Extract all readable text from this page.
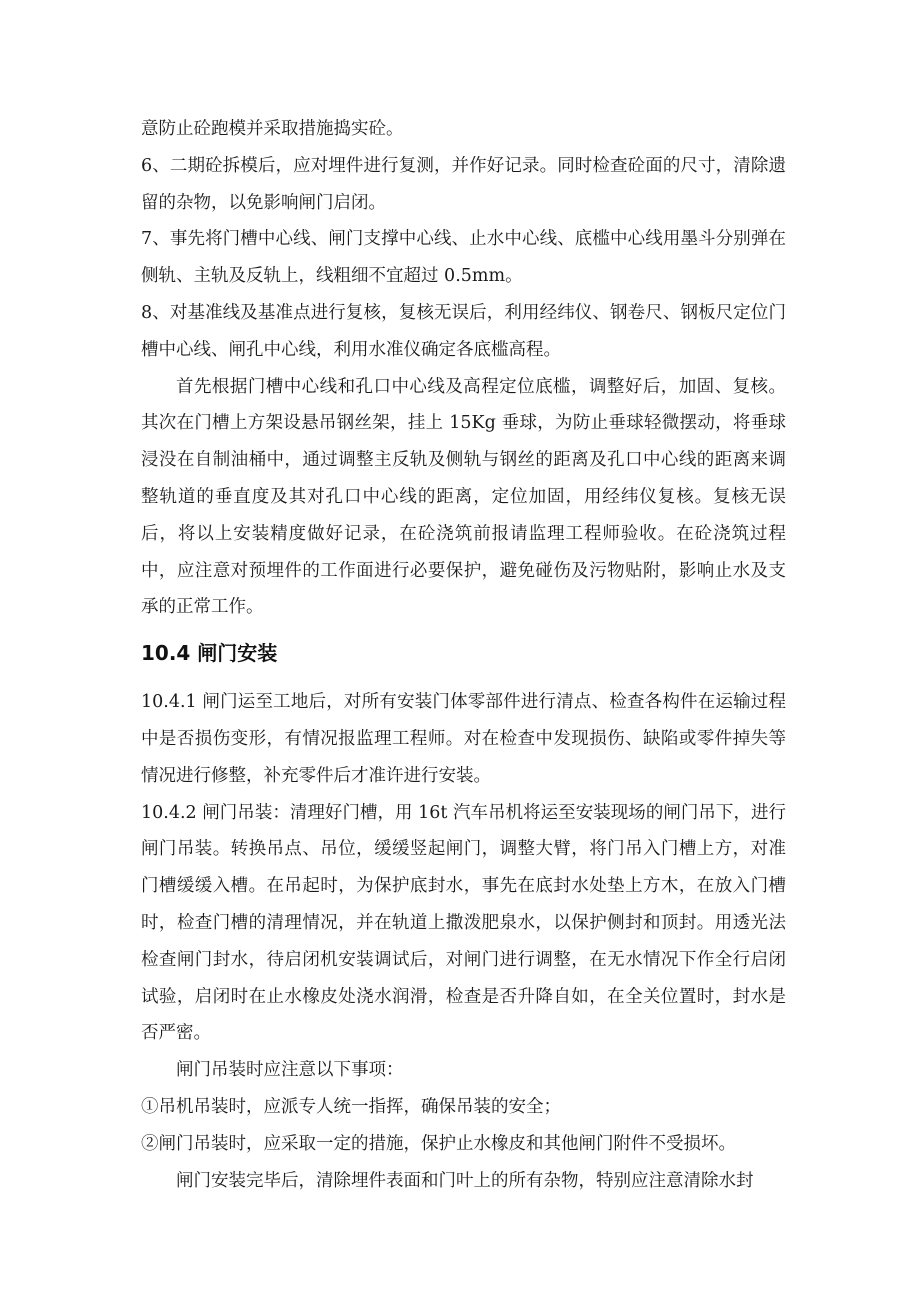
意防止砼跑模并采取措施捣实砼。

6、二期砼拆模后，应对埋件进行复测，并作好记录。同时检查砼面的尺寸，清除遗留的杂物，以免影响闸门启闭。

7、事先将门槽中心线、闸门支撑中心线、止水中心线、底槛中心线用墨斗分别弹在侧轨、主轨及反轨上，线粗细不宜超过 0.5mm。

8、对基准线及基准点进行复核，复核无误后，利用经纬仪、钢卷尺、钢板尺定位门槽中心线、闸孔中心线，利用水准仪确定各底槛高程。

首先根据门槽中心线和孔口中心线及高程定位底槛，调整好后，加固、复核。其次在门槽上方架设悬吊钢丝架，挂上 15Kg 垂球，为防止垂球轻微摆动，将垂球浸没在自制油桶中，通过调整主反轨及侧轨与钢丝的距离及孔口中心线的距离来调整轨道的垂直度及其对孔口中心线的距离，定位加固，用经纬仪复核。复核无误后，将以上安装精度做好记录，在砼浇筑前报请监理工程师验收。在砼浇筑过程中，应注意对预埋件的工作面进行必要保护，避免碰伤及污物贴附，影响止水及支承的正常工作。

10.4 闸门安装

10.4.1 闸门运至工地后，对所有安装门体零部件进行清点、检查各构件在运输过程中是否损伤变形，有情况报监理工程师。对在检查中发现损伤、缺陷或零件掉失等情况进行修整，补充零件后才准许进行安装。

10.4.2 闸门吊装：清理好门槽，用 16t 汽车吊机将运至安装现场的闸门吊下，进行闸门吊装。转换吊点、吊位，缓缓竖起闸门，调整大臂，将门吊入门槽上方，对准门槽缓缓入槽。在吊起时，为保护底封水，事先在底封水处垫上方木，在放入门槽时，检查门槽的清理情况，并在轨道上撒泼肥泉水，以保护侧封和顶封。用透光法检查闸门封水，待启闭机安装调试后，对闸门进行调整，在无水情况下作全行启闭试验，启闭时在止水橡皮处浇水润滑，检查是否升降自如，在全关位置时，封水是否严密。

闸门吊装时应注意以下事项：

①吊机吊装时，应派专人统一指挥，确保吊装的安全；

②闸门吊装时，应采取一定的措施，保护止水橡皮和其他闸门附件不受损坏。

闸门安装完毕后，清除埋件表面和门叶上的所有杂物，特别应注意清除水封
